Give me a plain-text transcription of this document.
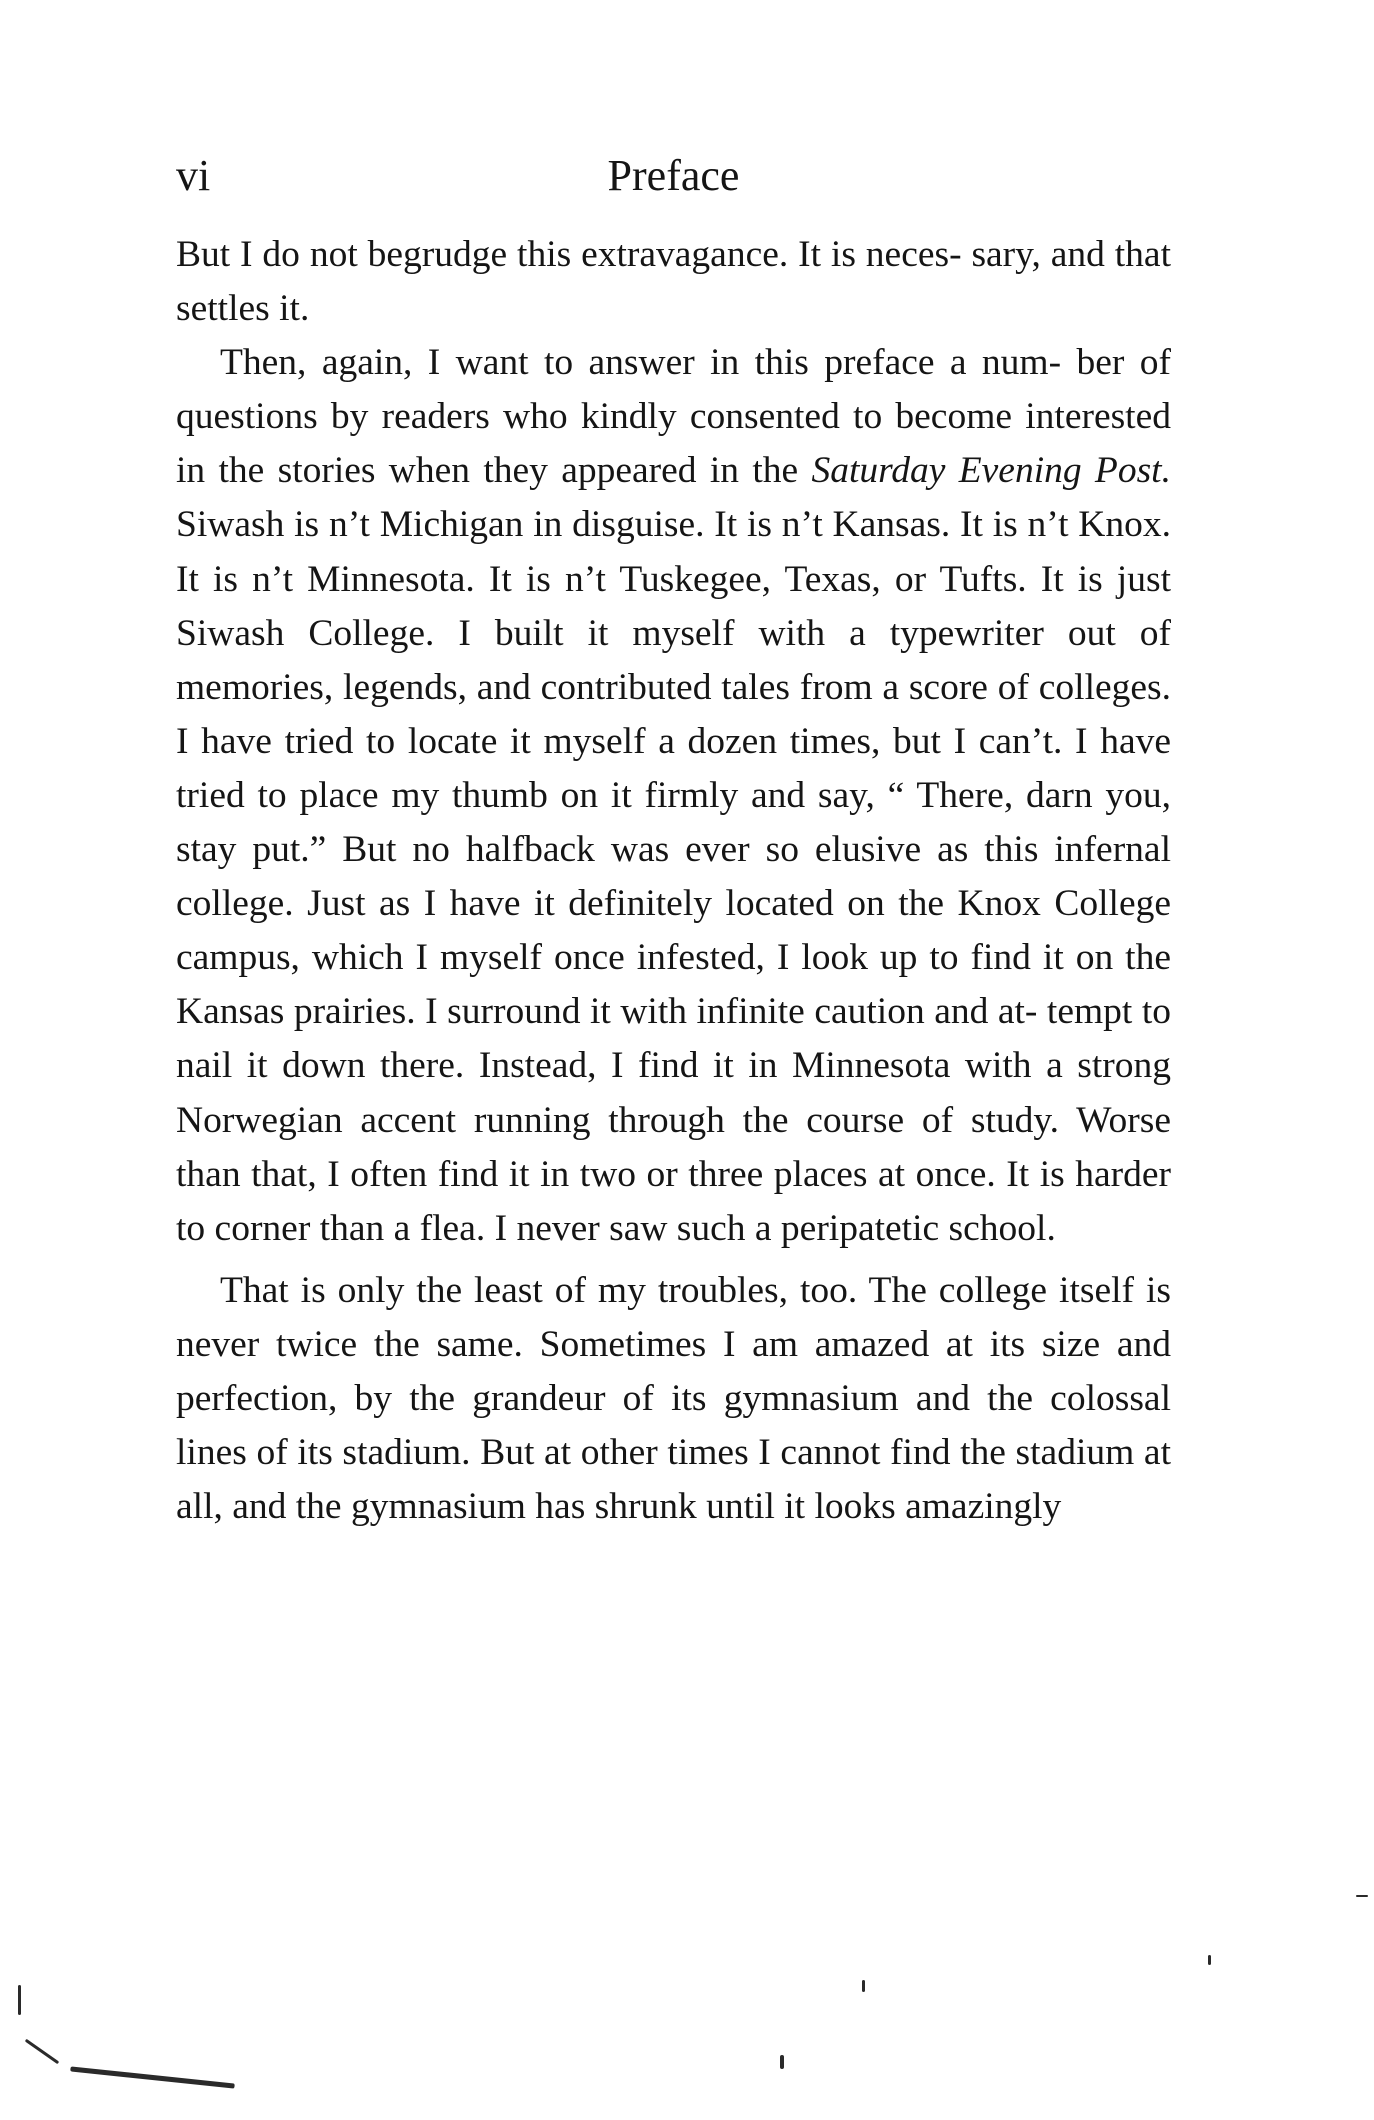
vi	Preface

But I do not begrudge this extravagance. It is neces- sary, and that settles it.

Then, again, I want to answer in this preface a num- ber of questions by readers who kindly consented to become interested in the stories when they appeared in the Saturday Evening Post. Siwash is n’t Michigan in disguise. It is n’t Kansas. It is n’t Knox. It is n’t Minnesota. It is n’t Tuskegee, Texas, or Tufts. It is just Siwash College. I built it myself with a typewriter out of memories, legends, and contributed tales from a score of colleges. I have tried to locate it myself a dozen times, but I can’t. I have tried to place my thumb on it firmly and say, “ There, darn you, stay put.” But no halfback was ever so elusive as this infernal college. Just as I have it definitely located on the Knox College campus, which I myself once infested, I look up to find it on the Kansas prairies. I surround it with infinite caution and at- tempt to nail it down there. Instead, I find it in Minnesota with a strong Norwegian accent running through the course of study. Worse than that, I often find it in two or three places at once. It is harder to corner than a flea. I never saw such a peripatetic school.

That is only the least of my troubles, too. The college itself is never twice the same. Sometimes I am amazed at its size and perfection, by the grandeur of its gymnasium and the colossal lines of its stadium. But at other times I cannot find the stadium at all, and the gymnasium has shrunk until it looks amazingly
